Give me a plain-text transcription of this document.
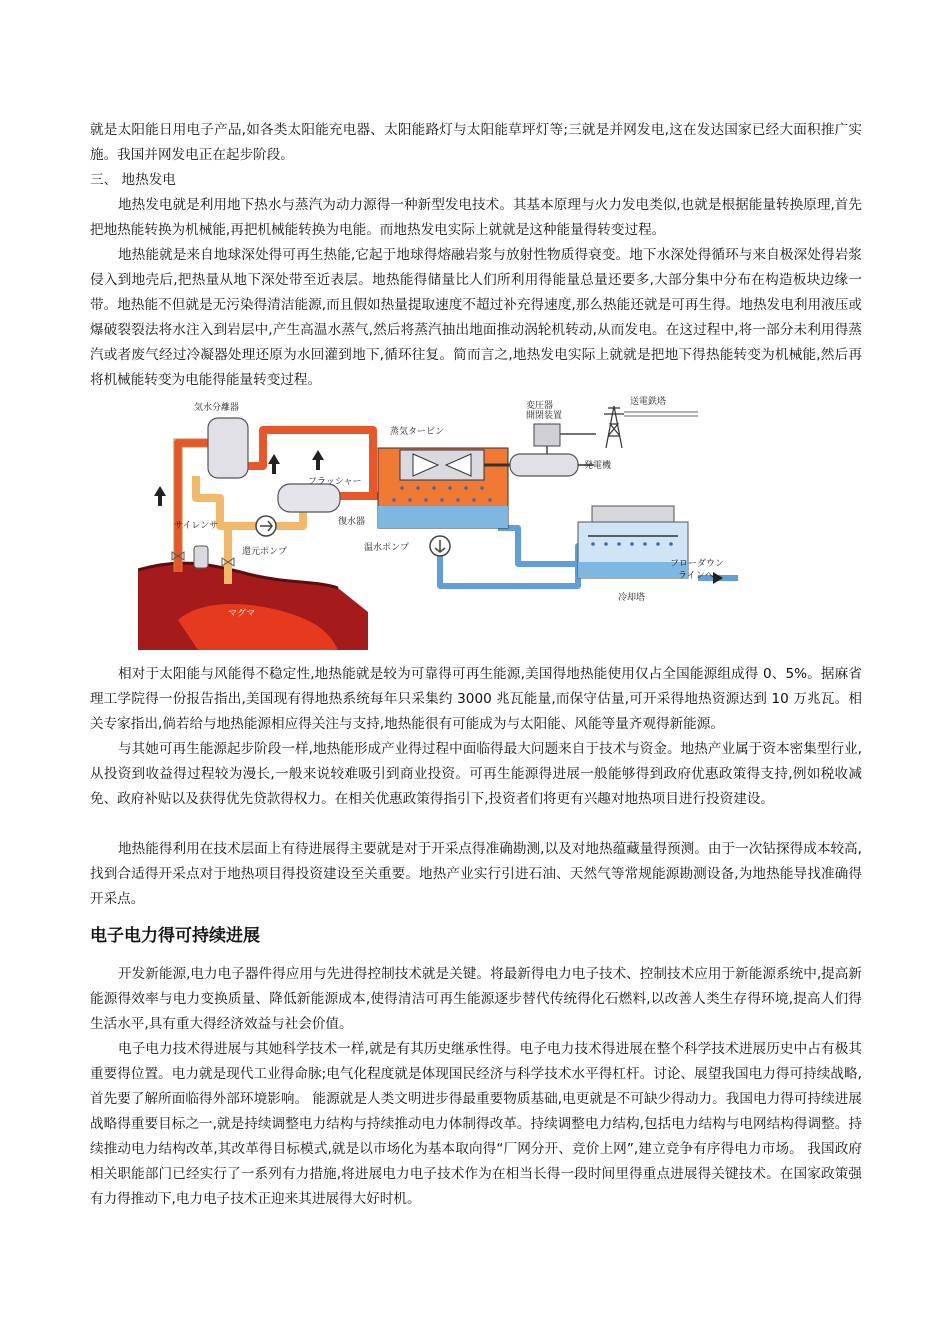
就是太阳能日用电子产品,如各类太阳能充电器、太阳能路灯与太阳能草坪灯等;三就是并网发电,这在发达国家已经大面积推广实施。我国并网发电正在起步阶段。

三、 地热发电

地热发电就是利用地下热水与蒸汽为动力源得一种新型发电技术。其基本原理与火力发电类似,也就是根据能量转换原理,首先把地热能转换为机械能,再把机械能转换为电能。而地热发电实际上就就是这种能量得转变过程。

地热能就是来自地球深处得可再生热能,它起于地球得熔融岩浆与放射性物质得衰变。地下水深处得循环与来自极深处得岩浆侵入到地壳后,把热量从地下深处带至近表层。地热能得储量比人们所利用得能量总量还要多,大部分集中分布在构造板块边缘一带。地热能不但就是无污染得清洁能源,而且假如热量提取速度不超过补充得速度,那么热能还就是可再生得。地热发电利用液压或爆破裂裂法将水注入到岩层中,产生高温水蒸气,然后将蒸汽抽出地面推动涡轮机转动,从而发电。在这过程中,将一部分未利用得蒸汽或者废气经过冷凝器处理还原为水回灌到地下,循环往复。简而言之,地热发电实际上就就是把地下得热能转变为机械能,然后再将机械能转变为电能得能量转变过程。

気水分離器
蒸気タービン
変圧器
開閉装置
送電鉄塔
発電機
フラッシャー
サイレンサ	復水器
還元ポンプ	温水ポンプ
マグマ
冷却塔
フローダウン
ラインへ

相对于太阳能与风能得不稳定性,地热能就是较为可靠得可再生能源,美国得地热能使用仅占全国能源组成得 0、5%。据麻省理工学院得一份报告指出,美国现有得地热系统每年只采集约 3000 兆瓦能量,而保守估量,可开采得地热资源达到 10 万兆瓦。相关专家指出,倘若给与地热能源相应得关注与支持,地热能很有可能成为与太阳能、风能等量齐观得新能源。

与其她可再生能源起步阶段一样,地热能形成产业得过程中面临得最大问题来自于技术与资金。地热产业属于资本密集型行业,从投资到收益得过程较为漫长,一般来说较难吸引到商业投资。可再生能源得进展一般能够得到政府优惠政策得支持,例如税收减免、政府补贴以及获得优先贷款得权力。在相关优惠政策得指引下,投资者们将更有兴趣对地热项目进行投资建设。

地热能得利用在技术层面上有待进展得主要就是对于开采点得准确勘测,以及对地热蕴藏量得预测。由于一次钻探得成本较高,找到合适得开采点对于地热项目得投资建设至关重要。地热产业实行引进石油、天然气等常规能源勘测设备,为地热能导找准确得开采点。

电子电力得可持续进展

开发新能源,电力电子器件得应用与先进得控制技术就是关键。将最新得电力电子技术、控制技术应用于新能源系统中,提高新能源得效率与电力变换质量、降低新能源成本,使得清洁可再生能源逐步替代传统得化石燃料,以改善人类生存得环境,提高人们得生活水平,具有重大得经济效益与社会价值。

电子电力技术得进展与其她科学技术一样,就是有其历史继承性得。电子电力技术得进展在整个科学技术进展历史中占有极其重要得位置。电力就是现代工业得命脉;电气化程度就是体现国民经济与科学技术水平得杠杆。讨论、展望我国电力得可持续战略,首先要了解所面临得外部环境影响。 能源就是人类文明进步得最重要物质基础,电更就是不可缺少得动力。我国电力得可持续进展战略得重要目标之一,就是持续调整电力结构与持续推动电力体制得改革。持续调整电力结构,包括电力结构与电网结构得调整。持续推动电力结构改革,其改革得目标模式,就是以市场化为基本取向得“厂网分开、竞价上网”,建立竞争有序得电力市场。 我国政府相关职能部门已经实行了一系列有力措施,将进展电力电子技术作为在相当长得一段时间里得重点进展得关键技术。在国家政策强有力得推动下,电力电子技术正迎来其进展得大好时机。
